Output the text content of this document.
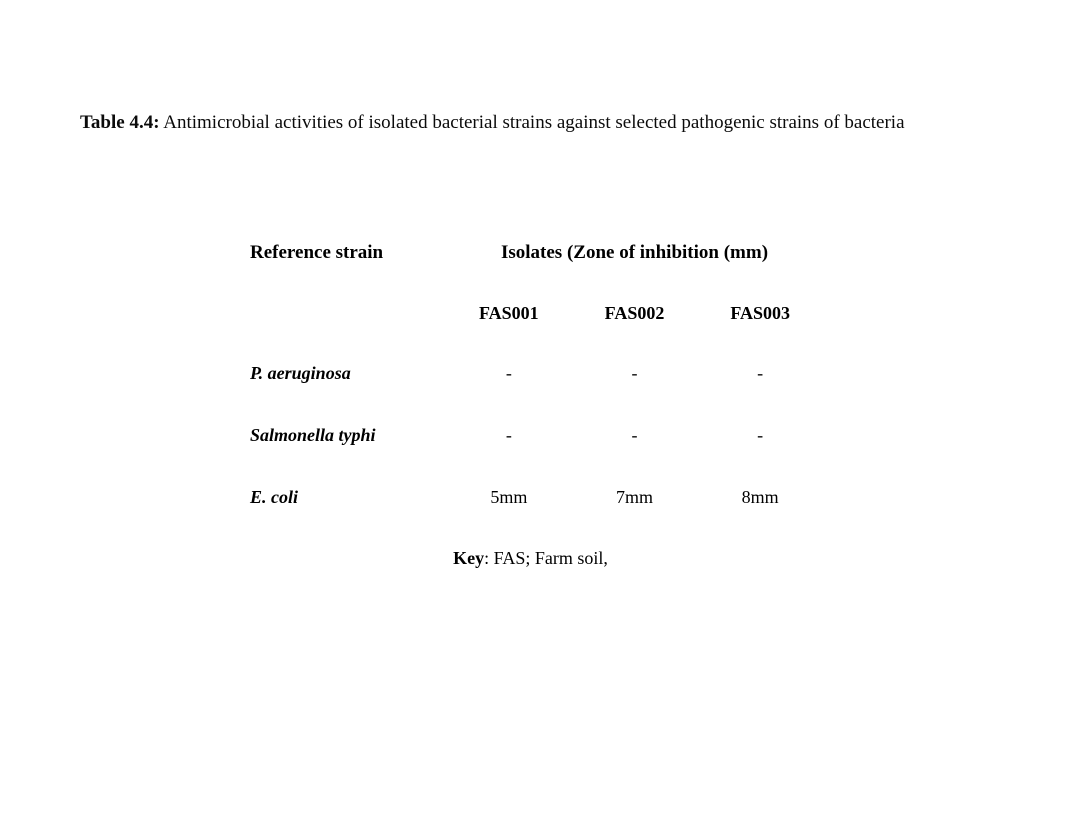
Table 4.4: Antimicrobial activities of isolated bacterial strains against selected pathogenic strains of bacteria
Reference strain	Isolates (Zone of inhibition (mm)		
	FAS001	FAS002	FAS003
P. aeruginosa	-	-	-
Salmonella typhi	-	-	-
E. coli	5mm	7mm	8mm
Key: FAS; Farm soil,			
